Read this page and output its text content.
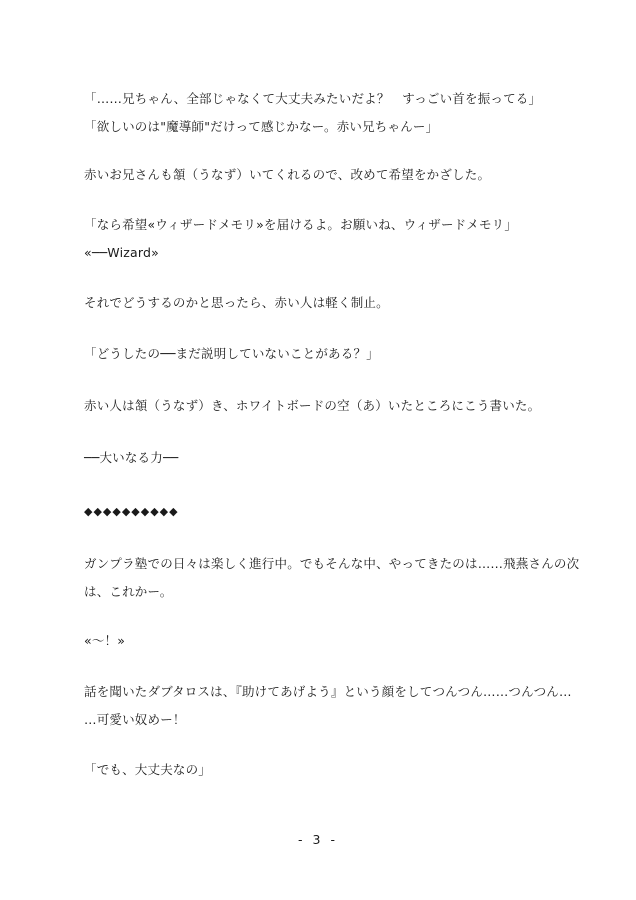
「……兄ちゃん、全部じゃなくて大丈夫みたいだよ？　すっごい首を振ってる」
「欲しいのは"魔導師"だけって感じかなー。赤い兄ちゃんー」
赤いお兄さんも頷（うなず）いてくれるので、改めて希望をかざした。
「なら希望«ウィザードメモリ»を届けるよ。お願いね、ウィザードメモリ」
«──Wizard»
それでどうするのかと思ったら、赤い人は軽く制止。
「どうしたの──まだ説明していないことがある？」
赤い人は頷（うなず）き、ホワイトボードの空（あ）いたところにこう書いた。
──大いなる力──
◆◆◆◆◆◆◆◆◆◆
ガンプラ塾での日々は楽しく進行中。でもそんな中、やってきたのは……飛燕さんの次
は、これかー。
«～！»
話を聞いたダブタロスは、『助けてあげよう』という顔をしてつんつん……つんつん…
…可愛い奴めー！
「でも、大丈夫なの」
- 3 -
